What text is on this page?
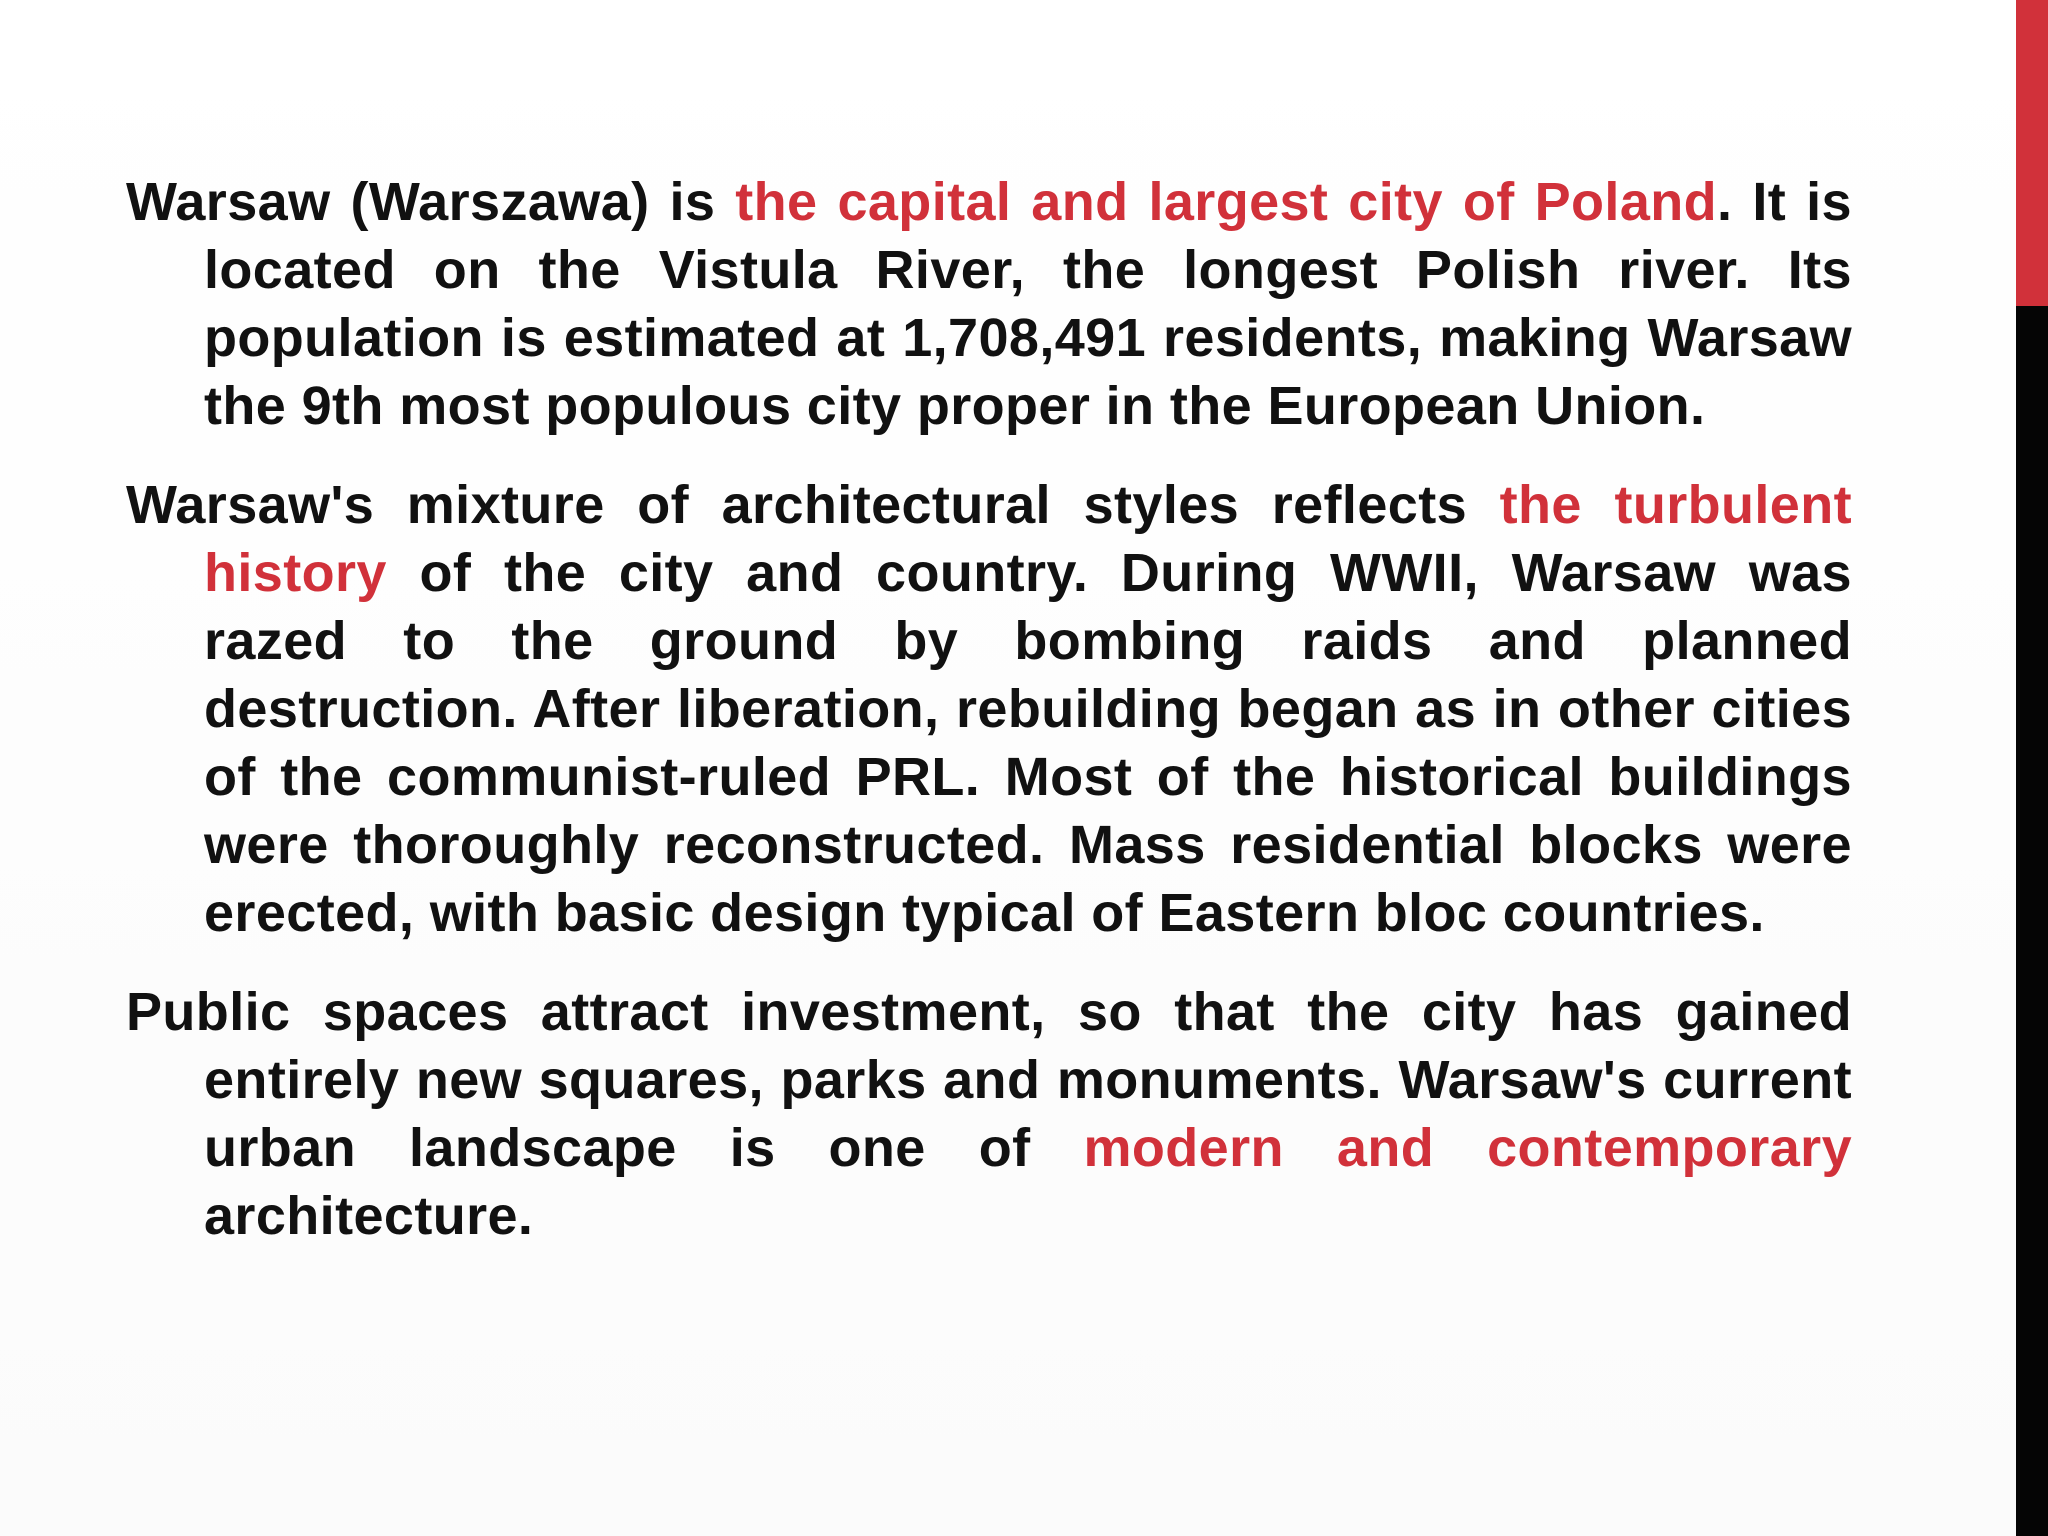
Warsaw (Warszawa) is the capital and largest city of Poland. It is located on the Vistula River, the longest Polish river. Its population is estimated at 1,708,491 residents, making Warsaw the 9th most populous city proper in the European Union.

Warsaw's mixture of architectural styles reflects the turbulent history of the city and country. During WWII, Warsaw was razed to the ground by bombing raids and planned destruction. After liberation, rebuilding began as in other cities of the communist-ruled PRL. Most of the historical buildings were thoroughly reconstructed. Mass residential blocks were erected, with basic design typical of Eastern bloc countries.

Public spaces attract investment, so that the city has gained entirely new squares, parks and monuments. Warsaw's current urban landscape is one of modern and contemporary architecture.
